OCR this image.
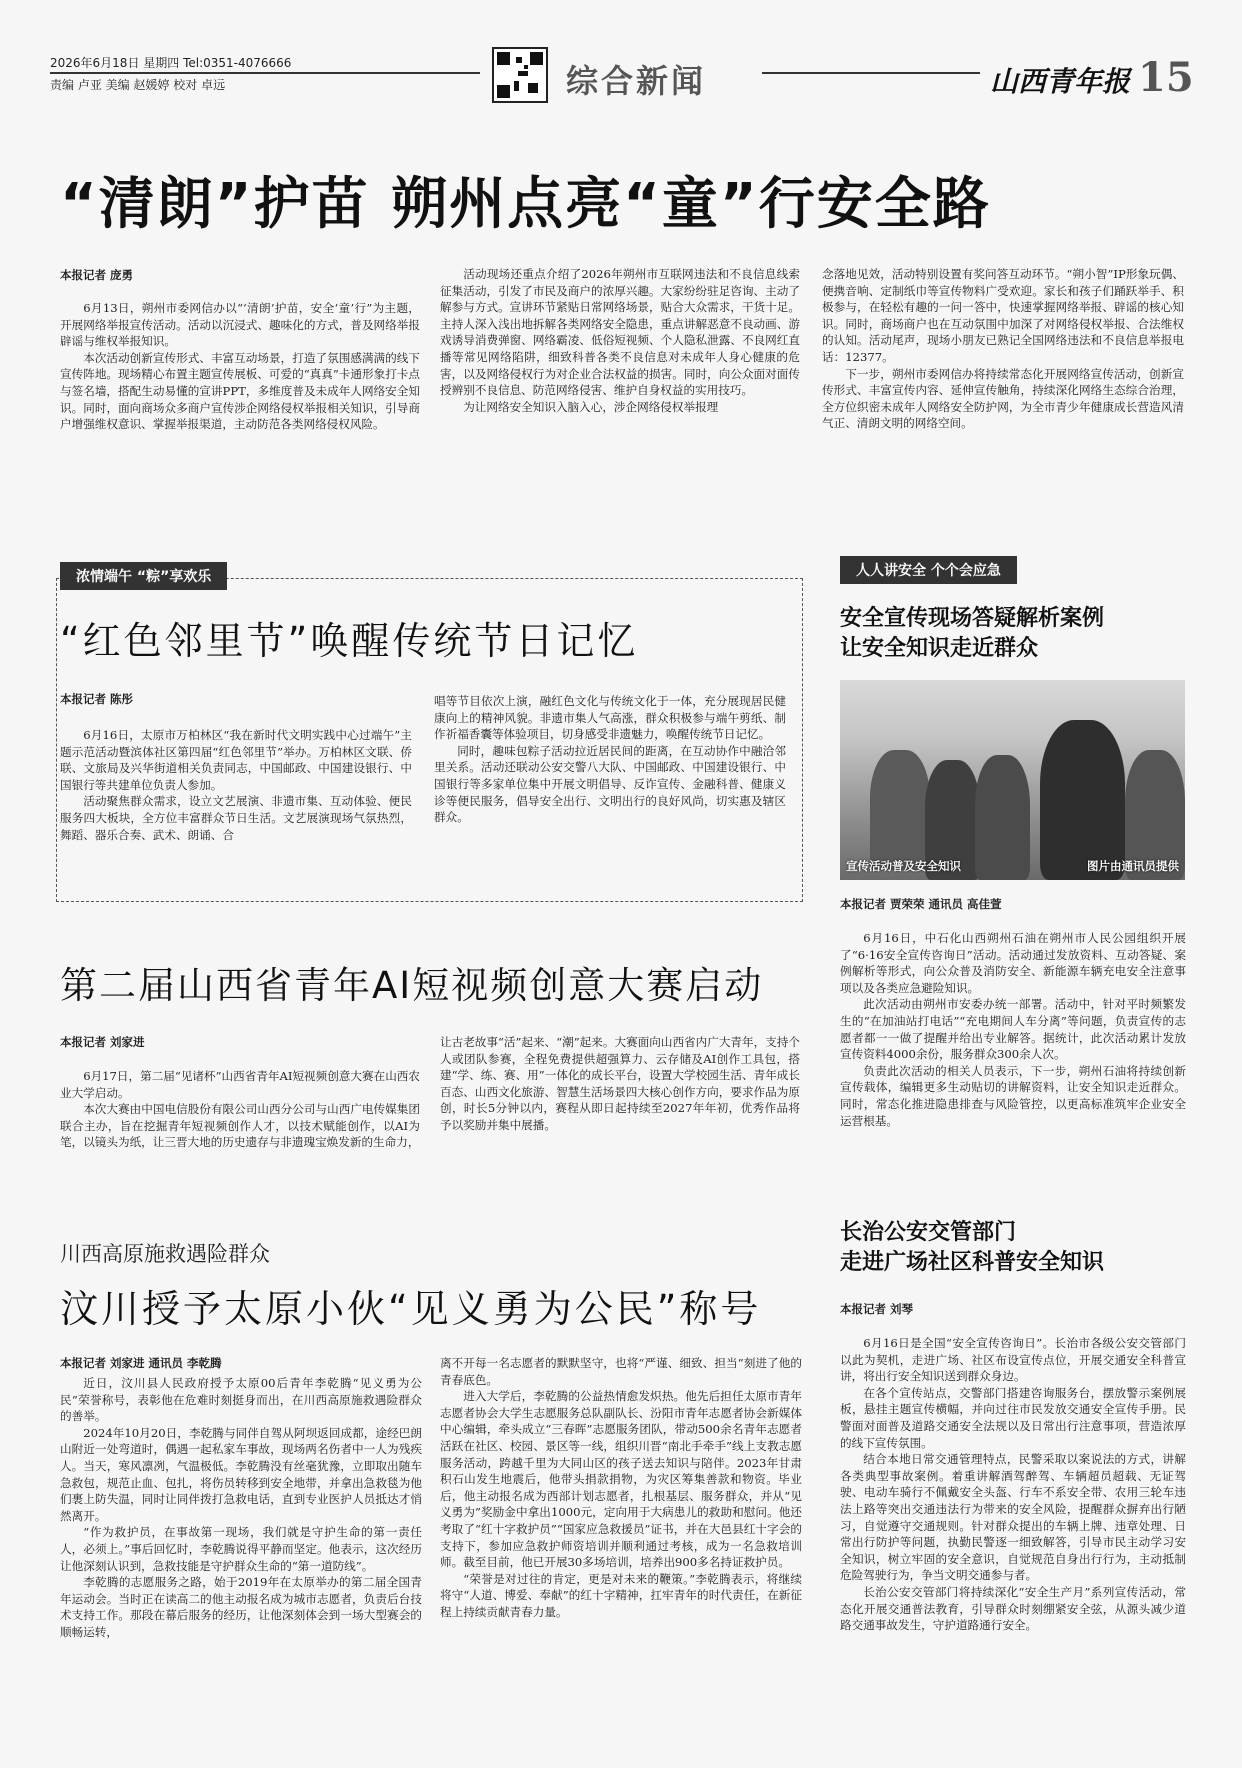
2026年6月18日 星期四 Tel:0351-4076666
责编 卢亚 美编 赵媛婷 校对 卓远	综合新闻	山西青年报 15
“清朗”护苗 朔州点亮“童”行安全路
本报记者 庞勇

6月13日，朔州市委网信办以“‘清朗’护苗，安全‘童’行”为主题，开展网络举报宣传活动。活动以沉浸式、趣味化的方式，普及网络举报辟谣与维权举报知识。

本次活动创新宣传形式、丰富互动场景，打造了氛围感满满的线下宣传阵地。现场精心布置主题宣传展板、可爱的“真真”卡通形象打卡点与签名墙，搭配生动易懂的宣讲PPT，多维度普及未成年人网络安全知识。同时，面向商场众多商户宣传涉企网络侵权举报相关知识，引导商户增强维权意识、掌握举报渠道，主动防范各类网络侵权风险。

活动现场还重点介绍了2026年朔州市互联网违法和不良信息线索征集活动，引发了市民及商户的浓厚兴趣。大家纷纷驻足咨询、主动了解参与方式。宣讲环节紧贴日常网络场景，贴合大众需求，干货十足。主持人深入浅出地拆解各类网络安全隐患，重点讲解恶意不良动画、游戏诱导消费弹窗、网络霸凌、低俗短视频、个人隐私泄露、不良网红直播等常见网络陷阱，细致科普各类不良信息对未成年人身心健康的危害，以及网络侵权行为对企业合法权益的损害。同时，向公众面对面传授辨别不良信息、防范网络侵害、维护自身权益的实用技巧。

为让网络安全知识入脑入心，涉企网络侵权举报理

念落地见效，活动特别设置有奖问答互动环节。“朔小智”IP形象玩偶、便携音响、定制纸巾等宣传物料广受欢迎。家长和孩子们踊跃举手、积极参与，在轻松有趣的一问一答中，快速掌握网络举报、辟谣的核心知识。同时，商场商户也在互动氛围中加深了对网络侵权举报、合法维权的认知。活动尾声，现场小朋友已熟记全国网络违法和不良信息举报电话：12377。

下一步，朔州市委网信办将持续常态化开展网络宣传活动，创新宣传形式、丰富宣传内容、延伸宣传触角，持续深化网络生态综合治理，全方位织密未成年人网络安全防护网，为全市青少年健康成长营造风清气正、清朗文明的网络空间。

浓情端午 “粽”享欢乐
“红色邻里节”唤醒传统节日记忆
本报记者 陈彤

6月16日，太原市万柏林区“我在新时代文明实践中心过端午”主题示范活动暨滨体社区第四届“红色邻里节”举办。万柏林区文联、侨联、文旅局及兴华街道相关负责同志，中国邮政、中国建设银行、中国银行等共建单位负责人参加。

活动聚焦群众需求，设立文艺展演、非遗市集、互动体验、便民服务四大板块，全方位丰富群众节日生活。文艺展演现场气氛热烈，舞蹈、器乐合奏、武术、朗诵、合

唱等节目依次上演，融红色文化与传统文化于一体，充分展现居民健康向上的精神风貌。非遗市集人气高涨，群众积极参与端午剪纸、制作祈福香囊等体验项目，切身感受非遗魅力，唤醒传统节日记忆。

同时，趣味包粽子活动拉近居民间的距离，在互动协作中融洽邻里关系。活动还联动公安交警八大队、中国邮政、中国建设银行、中国银行等多家单位集中开展文明倡导、反诈宣传、金融科普、健康义诊等便民服务，倡导安全出行、文明出行的良好风尚，切实惠及辖区群众。

第二届山西省青年AI短视频创意大赛启动
本报记者 刘家进

6月17日，第二届“见诸杯”山西省青年AI短视频创意大赛在山西农业大学启动。

本次大赛由中国电信股份有限公司山西分公司与山西广电传媒集团联合主办，旨在挖掘青年短视频创作人才，以技术赋能创作，以AI为笔，以镜头为纸，让三晋大地的历史遗存与非遗瑰宝焕发新的生命力，

让古老故事“活”起来、“潮”起来。大赛面向山西省内广大青年，支持个人或团队参赛，全程免费提供超强算力、云存储及AI创作工具包，搭建“学、练、赛、用”一体化的成长平台，设置大学校园生活、青年成长百态、山西文化旅游、智慧生活场景四大核心创作方向，要求作品为原创，时长5分钟以内，赛程从即日起持续至2027年年初，优秀作品将予以奖励并集中展播。

川西高原施救遇险群众
汶川授予太原小伙“见义勇为公民”称号
本报记者 刘家进 通讯员 李乾腾

近日，汶川县人民政府授予太原00后青年李乾腾“见义勇为公民”荣誉称号，表彰他在危难时刻挺身而出，在川西高原施救遇险群众的善举。

2024年10月20日，李乾腾与同伴自驾从阿坝返回成都，途经巴朗山附近一处弯道时，偶遇一起私家车事故，现场两名伤者中一人为残疾人。当天，寒风凛冽，气温极低。李乾腾没有丝毫犹豫，立即取出随车急救包，规范止血、包扎，将伤员转移到安全地带，并拿出急救毯为他们裹上防失温，同时让同伴拨打急救电话，直到专业医护人员抵达才悄然离开。

“作为救护员，在事故第一现场，我们就是守护生命的第一责任人，必须上。”事后回忆时，李乾腾说得平静而坚定。他表示，这次经历让他深刻认识到，急救技能是守护群众生命的“第一道防线”。

李乾腾的志愿服务之路，始于2019年在太原举办的第二届全国青年运动会。当时正在读高二的他主动报名成为城市志愿者，负责后台技术支持工作。那段在幕后服务的经历，让他深刻体会到一场大型赛会的顺畅运转，

离不开每一名志愿者的默默坚守，也将“严谨、细致、担当”刻进了他的青春底色。

进入大学后，李乾腾的公益热情愈发炽热。他先后担任太原市青年志愿者协会大学生志愿服务总队副队长、汾阳市青年志愿者协会新媒体中心编辑，牵头成立“三春晖”志愿服务团队，带动500余名青年志愿者活跃在社区、校园、景区等一线，组织川晋“南北手牵手”线上支教志愿服务活动，跨越千里为大同山区的孩子送去知识与陪伴。2023年甘肃积石山发生地震后，他带头捐款捐物，为灾区筹集善款和物资。毕业后，他主动报名成为西部计划志愿者，扎根基层、服务群众，并从“见义勇为”奖励金中拿出1000元，定向用于大病患儿的救助和慰问。他还考取了“红十字救护员”“国家应急救援员”证书，并在大邑县红十字会的支持下，参加应急救护师资培训并顺利通过考核，成为一名急救培训师。截至目前，他已开展30多场培训，培养出900多名持证救护员。

“荣誉是对过往的肯定，更是对未来的鞭策。”李乾腾表示，将继续将守“人道、博爱、奉献”的红十字精神，扛牢青年的时代责任，在新征程上持续贡献青春力量。

人人讲安全 个个会应急
安全宣传现场答疑解析案例
让安全知识走近群众
宣传活动普及安全知识	图片由通讯员提供
本报记者 贾荣荣 通讯员 高佳萱

6月16日，中石化山西朔州石油在朔州市人民公园组织开展了“6·16安全宣传咨询日”活动。活动通过发放资料、互动答疑、案例解析等形式，向公众普及消防安全、新能源车辆充电安全注意事项以及各类应急避险知识。

此次活动由朔州市安委办统一部署。活动中，针对平时频繁发生的“在加油站打电话”“充电期间人车分离”等问题，负责宣传的志愿者都一一做了提醒并给出专业解答。据统计，此次活动累计发放宣传资料4000余份，服务群众300余人次。

负责此次活动的相关人员表示，下一步，朔州石油将持续创新宣传载体，编辑更多生动贴切的讲解资料，让安全知识走近群众。同时，常态化推进隐患排查与风险管控，以更高标准筑牢企业安全运营根基。

长治公安交管部门
走进广场社区科普安全知识
本报记者 刘琴

6月16日是全国“安全宣传咨询日”。长治市各级公安交管部门以此为契机，走进广场、社区布设宣传点位，开展交通安全科普宣讲，将出行安全知识送到群众身边。

在各个宣传站点，交警部门搭建咨询服务台，摆放警示案例展板，悬挂主题宣传横幅，并向过往市民发放交通安全宣传手册。民警面对面普及道路交通安全法规以及日常出行注意事项，营造浓厚的线下宣传氛围。

结合本地日常交通管理特点，民警采取以案说法的方式，讲解各类典型事故案例。着重讲解酒驾醉驾、车辆超员超载、无证驾驶、电动车骑行不佩戴安全头盔、行车不系安全带、农用三轮车违法上路等突出交通违法行为带来的安全风险，提醒群众摒弃出行陋习，自觉遵守交通规则。针对群众提出的车辆上牌、违章处理、日常出行防护等问题，执勤民警逐一细致解答，引导市民主动学习安全知识，树立牢固的安全意识，自觉规范自身出行行为，主动抵制危险驾驶行为，争当文明交通参与者。

长治公安交管部门将持续深化“安全生产月”系列宣传活动，常态化开展交通普法教育，引导群众时刻绷紧安全弦，从源头减少道路交通事故发生，守护道路通行安全。
